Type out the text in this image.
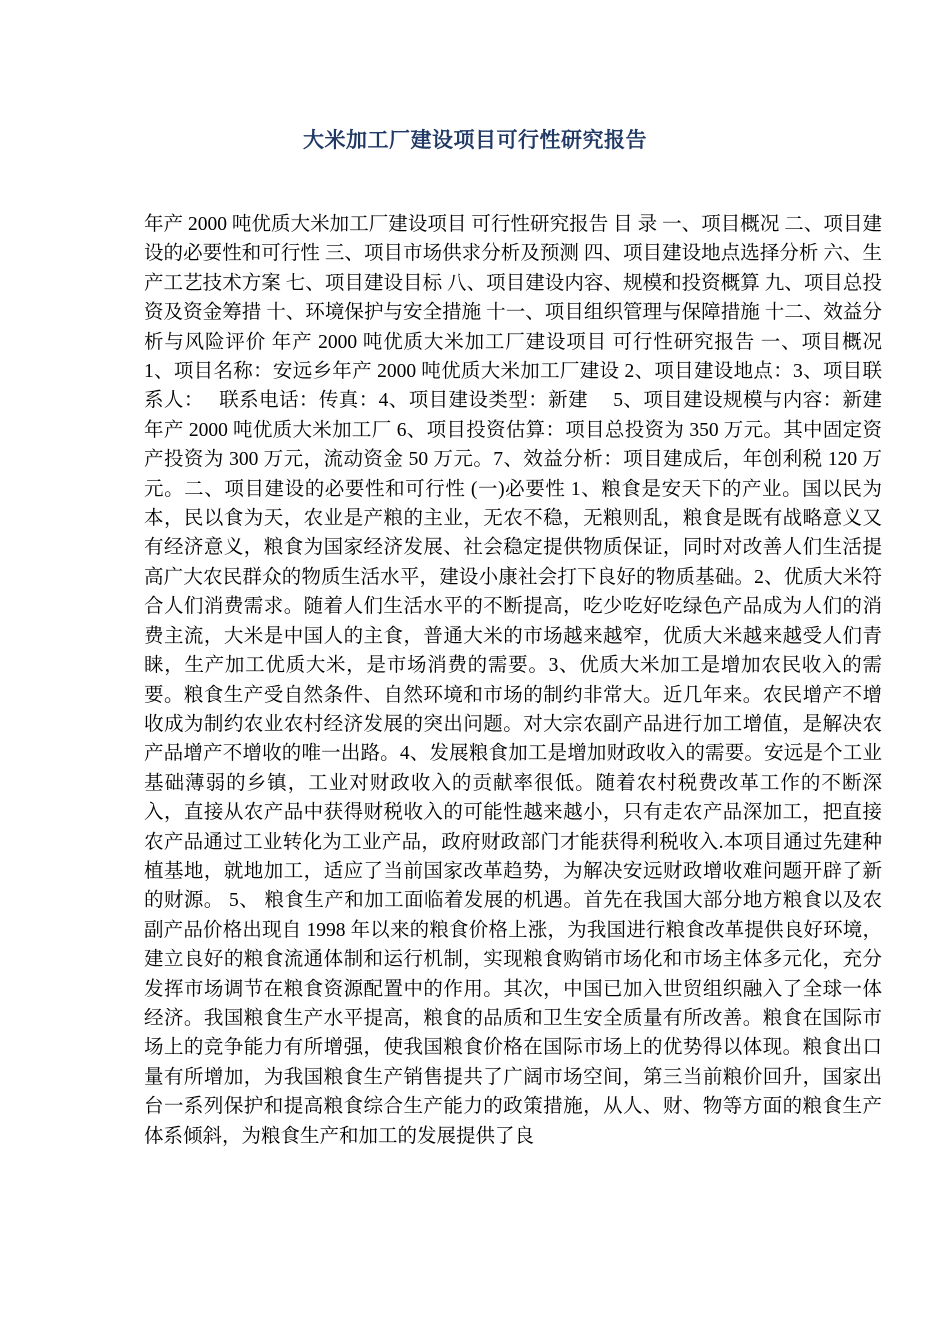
大米加工厂建设项目可行性研究报告

年产 2000 吨优质大米加工厂建设项目 可行性研究报告 目 录 一、项目概况 二、项目建设的必要性和可行性 三、项目市场供求分析及预测 四、项目建设地点选择分析 六、生产工艺技术方案 七、项目建设目标 八、项目建设内容、规模和投资概算 九、项目总投资及资金筹措 十、环境保护与安全措施 十一、项目组织管理与保障措施 十二、效益分析与风险评价 年产 2000 吨优质大米加工厂建设项目 可行性研究报告 一、项目概况 1、项目名称：安远乡年产 2000 吨优质大米加工厂建设 2、项目建设地点：3、项目联系人：　 联系电话：传真：4、项目建设类型：新建　 5、项目建设规模与内容：新建年产 2000 吨优质大米加工厂 6、项目投资估算：项目总投资为 350 万元。其中固定资产投资为 300 万元，流动资金 50 万元。7、效益分析：项目建成后，年创利税 120 万元。二、项目建设的必要性和可行性 (一)必要性 1、粮食是安天下的产业。国以民为本，民以食为天，农业是产粮的主业，无农不稳，无粮则乱，粮食是既有战略意义又有经济意义，粮食为国家经济发展、社会稳定提供物质保证，同时对改善人们生活提高广大农民群众的物质生活水平，建设小康社会打下良好的物质基础。2、优质大米符合人们消费需求。随着人们生活水平的不断提高，吃少吃好吃绿色产品成为人们的消费主流，大米是中国人的主食，普通大米的市场越来越窄，优质大米越来越受人们青睐，生产加工优质大米，是市场消费的需要。3、优质大米加工是增加农民收入的需要。粮食生产受自然条件、自然环境和市场的制约非常大。近几年来。农民增产不增收成为制约农业农村经济发展的突出问题。对大宗农副产品进行加工增值，是解决农产品增产不增收的唯一出路。4、发展粮食加工是增加财政收入的需要。安远是个工业基础薄弱的乡镇，工业对财政收入的贡献率很低。随着农村税费改革工作的不断深入，直接从农产品中获得财税收入的可能性越来越小，只有走农产品深加工，把直接农产品通过工业转化为工业产品，政府财政部门才能获得利税收入.本项目通过先建种植基地，就地加工，适应了当前国家改革趋势，为解决安远财政增收难问题开辟了新的财源。 5、 粮食生产和加工面临着发展的机遇。首先在我国大部分地方粮食以及农副产品价格出现自 1998 年以来的粮食价格上涨，为我国进行粮食改革提供良好环境，建立良好的粮食流通体制和运行机制，实现粮食购销市场化和市场主体多元化，充分发挥市场调节在粮食资源配置中的作用。其次，中国已加入世贸组织融入了全球一体经济。我国粮食生产水平提高，粮食的品质和卫生安全质量有所改善。粮食在国际市场上的竞争能力有所增强，使我国粮食价格在国际市场上的优势得以体现。粮食出口量有所增加，为我国粮食生产销售提共了广阔市场空间，第三当前粮价回升，国家出台一系列保护和提高粮食综合生产能力的政策措施，从人、财、物等方面的粮食生产体系倾斜，为粮食生产和加工的发展提供了良
